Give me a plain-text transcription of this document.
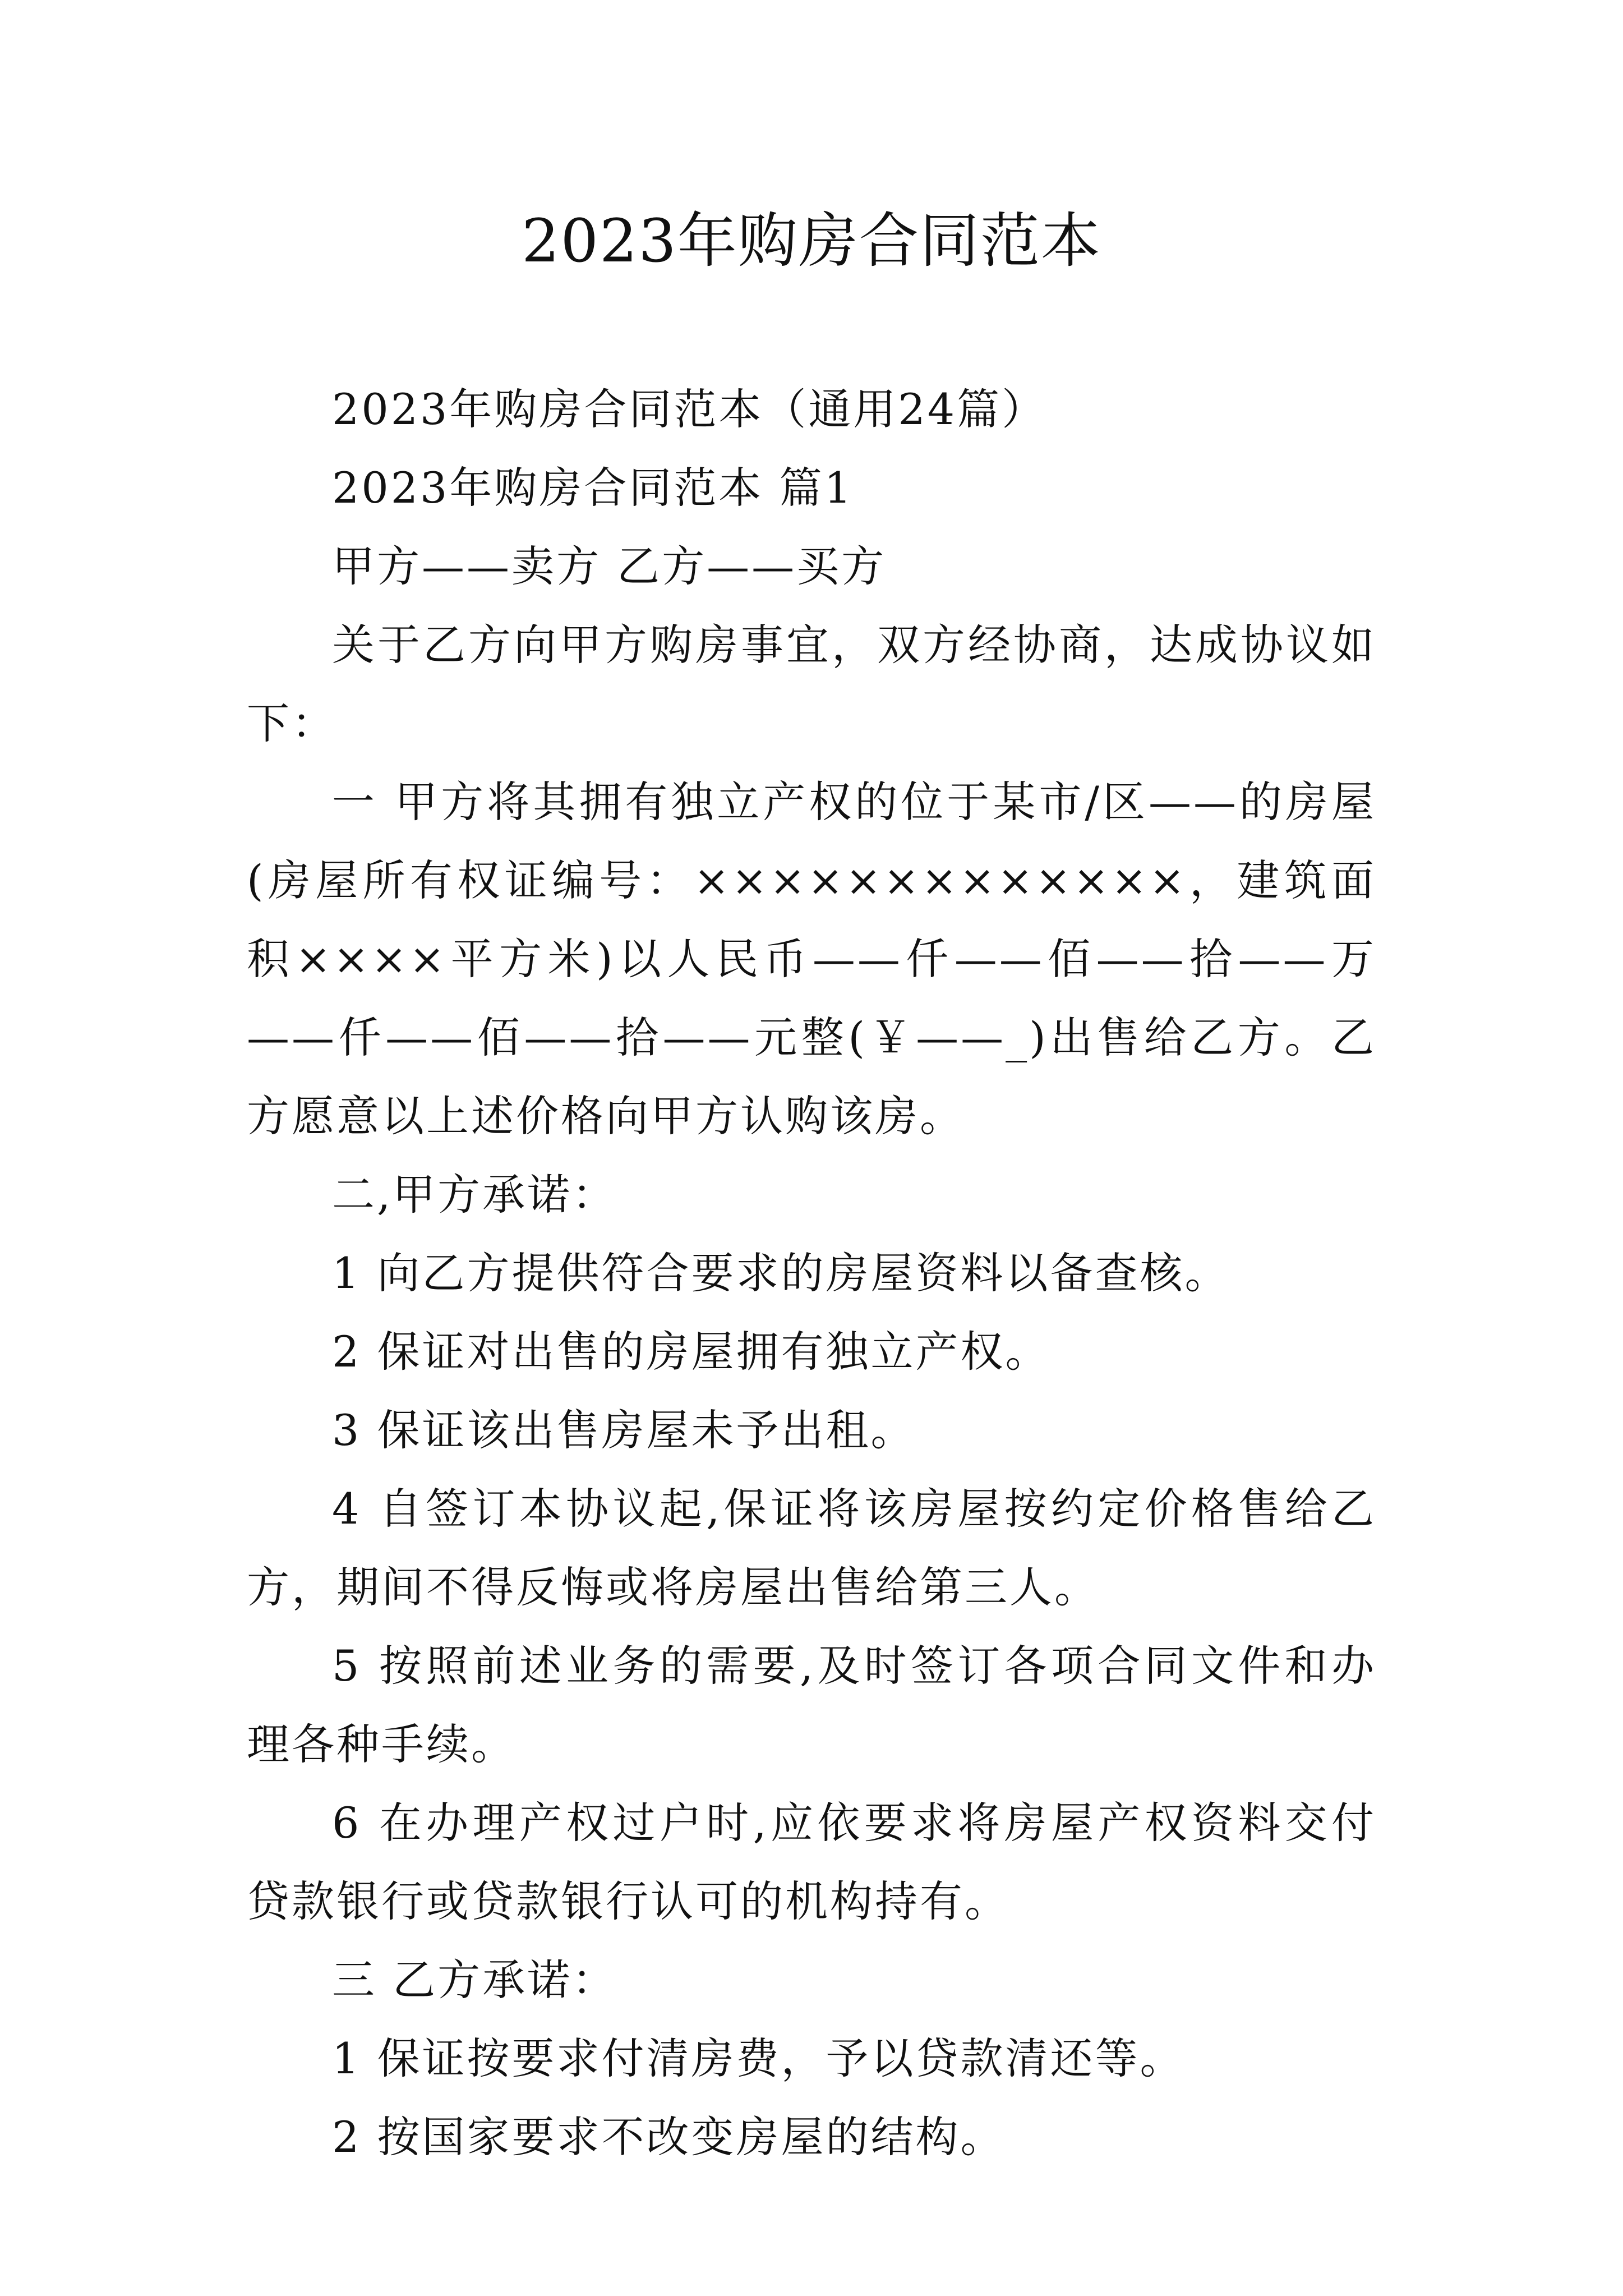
2023年购房合同范本

2023年购房合同范本（通用24篇）

2023年购房合同范本 篇1

甲方——卖方 乙方——买方

关于乙方向甲方购房事宜，双方经协商，达成协议如下：

一 甲方将其拥有独立产权的位于某市/区——的房屋(房屋所有权证编号：×××××××××××××，建筑面积××××平方米)以人民币——仟——佰——拾——万——仟——佰——拾——元整(￥——_)出售给乙方。乙方愿意以上述价格向甲方认购该房。

二,甲方承诺：

1 向乙方提供符合要求的房屋资料以备查核。

2 保证对出售的房屋拥有独立产权。

3 保证该出售房屋未予出租。

4 自签订本协议起,保证将该房屋按约定价格售给乙方，期间不得反悔或将房屋出售给第三人。

5 按照前述业务的需要,及时签订各项合同文件和办理各种手续。

6 在办理产权过户时,应依要求将房屋产权资料交付贷款银行或贷款银行认可的机构持有。

三 乙方承诺：

1 保证按要求付清房费，予以贷款清还等。

2 按国家要求不改变房屋的结构。
